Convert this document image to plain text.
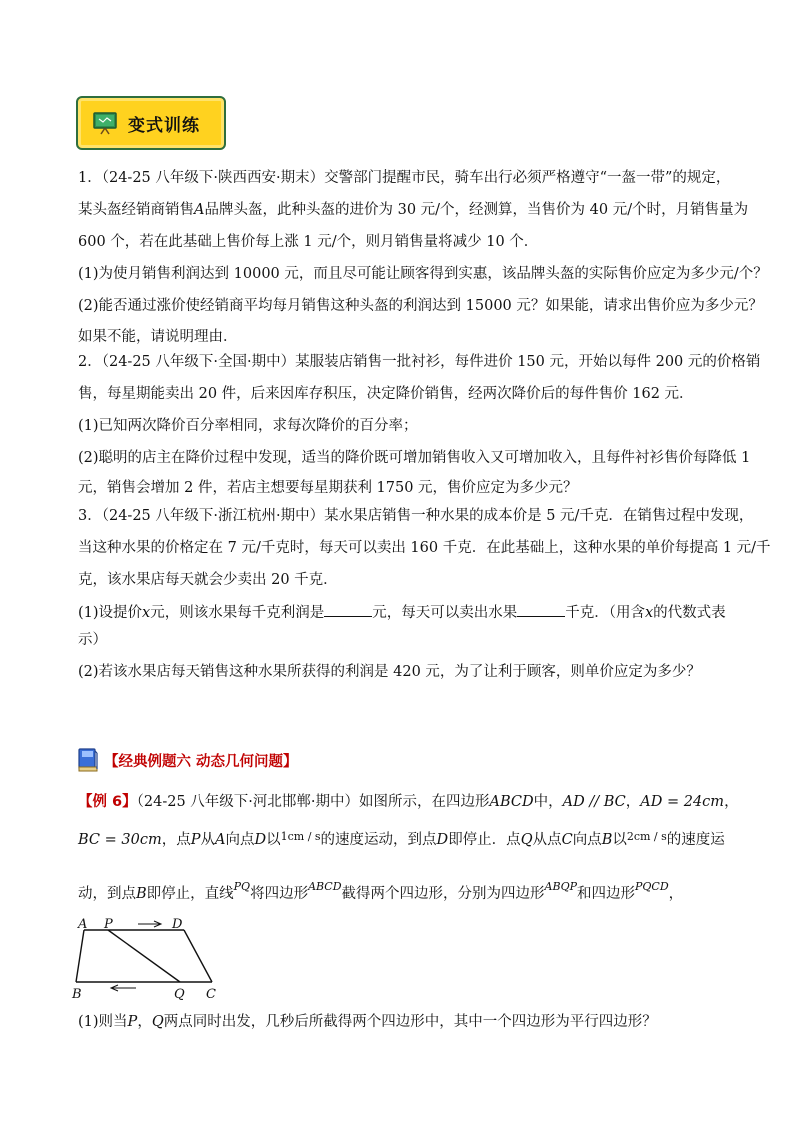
变式训练
1．（24-25 八年级下·陕西西安·期末）交警部门提醒市民，骑车出行必须严格遵守“一盔一带”的规定，
某头盔经销商销售A品牌头盔，此种头盔的进价为 30 元/个，经测算，当售价为 40 元/个时，月销售量为
600 个，若在此基础上售价每上涨 1 元/个，则月销售量将减少 10 个．
(1)为使月销售利润达到 10000 元，而且尽可能让顾客得到实惠，该品牌头盔的实际售价应定为多少元/个？
(2)能否通过涨价使经销商平均每月销售这种头盔的利润达到 15000 元？如果能，请求出售价应为多少元？
如果不能，请说明理由．
2．（24-25 八年级下·全国·期中）某服装店销售一批衬衫，每件进价 150 元，开始以每件 200 元的价格销
售，每星期能卖出 20 件，后来因库存积压，决定降价销售，经两次降价后的每件售价 162 元．
(1)已知两次降价百分率相同，求每次降价的百分率；
(2)聪明的店主在降价过程中发现，适当的降价既可增加销售收入又可增加收入，且每件衬衫售价每降低 1
元，销售会增加 2 件，若店主想要每星期获利 1750 元，售价应定为多少元？
3．（24-25 八年级下·浙江杭州·期中）某水果店销售一种水果的成本价是 5 元/千克．在销售过程中发现，
当这种水果的价格定在 7 元/千克时，每天可以卖出 160 千克．在此基础上，这种水果的单价每提高 1 元/千
克，该水果店每天就会少卖出 20 千克．
(1)设提价x元，则该水果每千克利润是	元，每天可以卖出水果	千克．（用含x的代数式表
示）
(2)若该水果店每天销售这种水果所获得的利润是 420 元，为了让利于顾客，则单价应定为多少？
【经典例题六 动态几何问题】
【例 6】（24-25 八年级下·河北邯郸·期中）如图所示，在四边形ABCD中，AD // BC，AD = 24cm，
BC = 30cm，点P从A向点D以$^{1cm / s}$的速度运动，到点D即停止．点Q从点C向点B以$^{2cm / s}$的速度运
动，到点B即停止，直线$^{PQ}$将四边形$^{ABCD}$截得两个四边形，分别为四边形$^{ABQP}$和四边形$^{PQCD}$，
A P	D
B	Q C
(1)则当P，Q两点同时出发，几秒后所截得两个四边形中，其中一个四边形为平行四边形？
